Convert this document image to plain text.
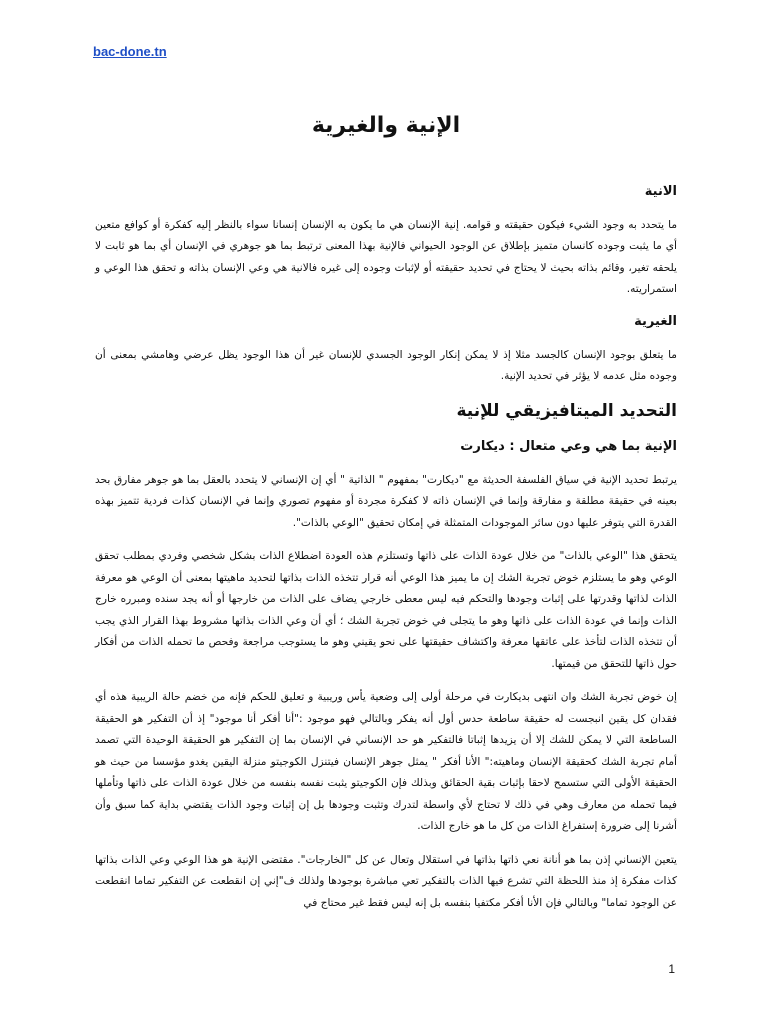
bac-done.tn
الإنية والغيرية
الانية

ما يتحدد به وجود الشيء فيكون حقيقته و قوامه. إنية الإنسان هي ما يكون به الإنسان إنسانا سواء بالنظر إليه كفكرة أو كوافع متعين أي ما يثبت وجوده كانسان متميز بإطلاق عن الوجود الحيواني فالإنية بهذا المعنى ترتبط بما هو جوهري في الإنسان أي بما هو ثابت لا يلحقه تغير، وقائم بذاته بحيث لا يحتاج في تحديد حقيقته أو لإثبات وجوده إلى غيره فالانية هي وعي الإنسان بذاته و تحقق هذا الوعي و استمراريته.

الغيرية

ما يتعلق بوجود الإنسان كالجسد مثلا إذ لا يمكن إنكار الوجود الجسدي للإنسان غير أن هذا الوجود يظل عرضي وهامشي بمعنى أن وجوده مثل عدمه لا يؤثر في تحديد الإنية.

التحديد الميتافيزيقي للإنية
الإنية بما هي وعي متعال : ديكارت

يرتبط تحديد الإنية في سياق الفلسفة الحديثة مع "ديكارت" بمفهوم " الذاتية " أي إن الإنساني لا يتحدد بالعقل بما هو جوهر مفارق بحد بعينه في حقيقة مطلقة و مفارقة وإنما في الإنسان ذاته لا كفكرة مجردة أو مفهوم تصوري وإنما في الإنسان كذات فردية تتميز بهذه القدرة التي يتوفر عليها دون سائر الموجودات المتمثلة في إمكان تحقيق "الوعي بالذات".

يتحقق هذا "الوعي بالذات" من خلال عودة الذات على ذاتها وتستلزم هذه العودة اضطلاع الذات بشكل شخصي وفردي بمطلب تحقق الوعي وهو ما يستلزم خوض تجربة الشك إن ما يميز هذا الوعي أنه قرار تتخذه الذات بذاتها لتحديد ماهيتها بمعنى أن الوعي هو معرفة الذات لذاتها وقدرتها على إثبات وجودها والتحكم فيه ليس معطى خارجي يضاف على الذات من خارجها أو أنه يجد سنده ومبرره خارج الذات وإنما في عودة الذات على ذاتها وهو ما يتجلى في خوض تجربة الشك ؛ أي أن وعي الذات بذاتها مشروط بهذا القرار الذي يجب أن تتخذه الذات لتأخذ على عاتقها معرفة واكتشاف حقيقتها على نحو يقيني وهو ما يستوجب مراجعة وفحص ما تحمله الذات من أفكار حول ذاتها للتحقق من قيمتها.

إن خوض تجربة الشك وان انتهى بديكارت في مرحلة أولى إلى وضعية يأس وريبية و تعليق للحكم فإنه من خضم حالة الريبية هذه أي فقدان كل يقين انبجست له حقيقة ساطعة حدس أول أنه يفكر وبالتالي فهو موجود :"أنا أفكر أنا موجود" إذ أن التفكير هو الحقيقة الساطعة التي لا يمكن للشك إلا أن يزيدها إثباتا فالتفكير هو حد الإنساني في الإنسان بما إن التفكير هو الحقيقة الوحيدة التي تصمد أمام تجربة الشك كحقيقة الإنسان وماهيته:" الأنا أفكر " يمثل جوهر الإنسان فيتنزل الكوجيتو منزلة اليقين يغدو مؤسسا من حيث هو الحقيقة الأولى التي ستسمح لاحقا بإثبات بقية الحقائق وبذلك فإن الكوجيتو يثبت نفسه بنفسه من خلال عودة الذات على ذاتها وتأملها فيما تحمله من معارف وهي في ذلك لا تحتاج لأي واسطة لتدرك وتثبت وجودها بل إن إثبات وجود الذات يقتضي بداية كما سبق وأن أشرنا إلى ضرورة إستفراغ الذات من كل ما هو خارج الذات.

يتعين الإنساني إذن بما هو أنانة نعي ذاتها بذاتها في استقلال وتعال عن كل "الخارجات". مقتضى الإنية هو هذا الوعي وعي الذات بذاتها كذات مفكرة إذ منذ اللحظة التي تشرع فيها الذات بالتفكير تعي مباشرة بوجودها ولذلك ف"إني إن انقطعت عن التفكير تماما انقطعت عن الوجود تماما" وبالتالي فإن الأنا أفكر مكتفيا بنفسه بل إنه ليس فقط غير محتاج في

1
